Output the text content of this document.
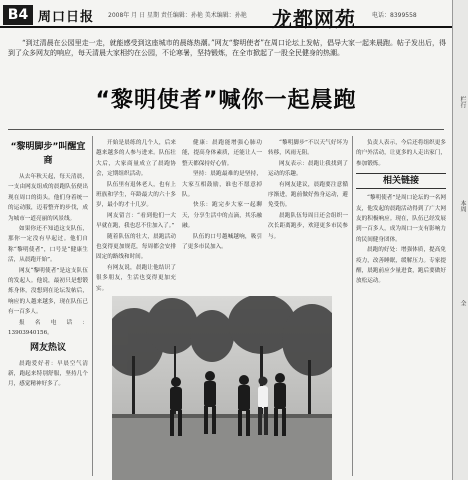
B4 周口日报 2008年 月 日 星期 责任编辑：孙艳 美术编辑：孙艳 龙都网苑	电话：8399558
“到过清晨在公园里走一走，就能感受到这座城市的晨练热潮。”网友“黎明使者”在周口论坛上发帖，倡导大家一起来晨跑。帖子发出后，得到了众多网友的响应，每天清晨大家相约在公园，不论寒暑，坚持锻炼，在全市掀起了一股全民健身的热潮。
“黎明使者”喊你一起晨跑
“黎明脚步”叫醒宜商

从去年秋天起，每天清晨，一支由网友组成的晨跑队伍便出现在周口的街头。他们身着统一的运动服，迈着整齐的步伐，成为城市一道亮丽的风景线。

如果你还不知道这支队伍，那你一定没有早起过。他们自称“黎明使者”，口号是“健康生活，从晨跑开始”。

网友“黎明使者”是这支队伍的发起人。他说，最初只是想锻炼身体，没想到在论坛发帖后，响应的人越来越多，现在队伍已有一百多人。

报名电话：13903940156。

网友热议

晨跑爱好者：早晨空气清新，跑起来特别舒服，坚持几个月，感觉精神好多了。

开始是晨练的几个人，后来越来越多的人参与进来。队伍壮大后，大家商量成立了晨跑协会，定期组织活动。

队伍里有退休老人，也有上班族和学生，年龄最大的六十多岁，最小的才十几岁。

网友留言：“看到他们一大早就在跑，我也忍不住加入了。”

随着队伍的壮大，晨跑活动也变得更加规范，每周都会安排固定的路线和时间。

有网友说，晨跑让他结识了很多朋友，生活也变得更加充实。

健康：晨跑能增强心肺功能，提高身体素质，还能让人一整天都保持好心情。

坚持：晨跑最难的是坚持，大家互相鼓励，谁也不愿意掉队。

快乐：跑完步大家一起聊天，分享生活中的点滴，其乐融融。

队伍的口号越喊越响，吸引了更多市民加入。

“黎明脚步”不以天气好坏为转移，风雨无阻。

网友表示：晨跑让我找到了运动的乐趣。

有网友建议，晨跑要注意循序渐进，跑前做好热身运动，避免受伤。

晨跑队伍每周日还会组织一次长距离跑步，欢迎更多市民参与。

负责人表示，今后还将组织更多的户外活动，让更多的人走出家门，参加锻炼。

相关链接

“黎明使者”是周口论坛的一名网友，他发起的晨跑活动得到了广大网友的积极响应。现在，队伍已经发展到一百多人，成为周口一支有影响力的民间健身团体。

晨跑的好处：增强体质，提高免疫力，改善睡眠，缓解压力。专家提醒，晨跑前应少量进食，跑后要做好放松运动。

栏行
本周
全
